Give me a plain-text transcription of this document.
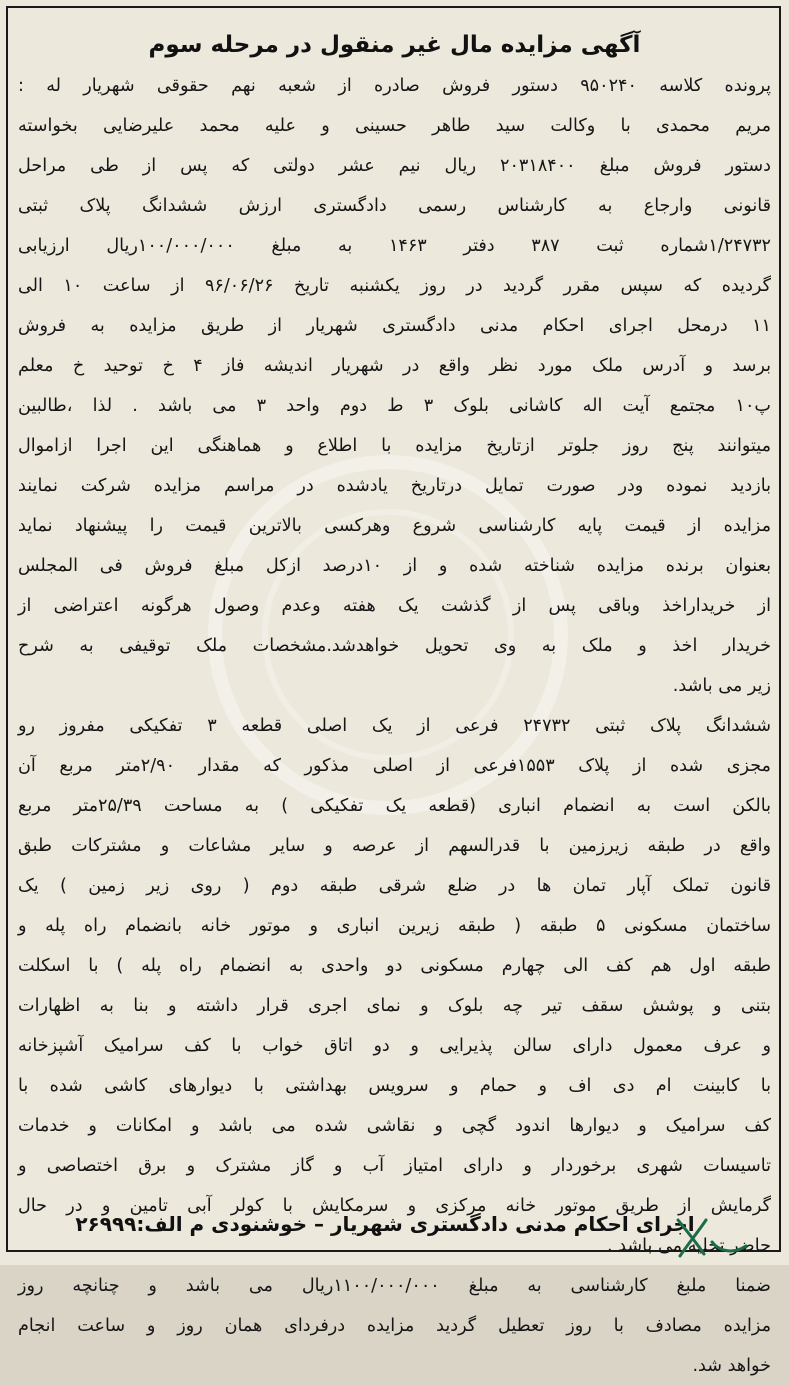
آگهی مزایده مال غیر منقول در مرحله سوم
پرونده کلاسه ۹۵۰۲۴۰ دستور فروش صادره از شعبه نهم حقوقی شهریار له :
مریم محمدی با وکالت سید طاهر حسینی و علیه محمد علیرضایی بخواسته
دستور فروش مبلغ ۲۰۳۱۸۴۰۰ ریال نیم عشر دولتی که پس از طی مراحل
قانونی وارجاع به کارشناس رسمی دادگستری ارزش ششدانگ پلاک ثبتی
۱/۲۴۷۳۲شماره ثبت ۳۸۷ دفتر ۱۴۶۳ به مبلغ ۱۰۰/۰۰۰/۰۰۰ریال ارزیابی
گردیده که سپس مقرر گردید در روز یکشنبه تاریخ ۹۶/۰۶/۲۶ از ساعت ۱۰ الی
۱۱ درمحل اجرای احکام مدنی دادگستری شهریار از طریق مزایده به فروش
برسد و آدرس ملک مورد نظر واقع در شهریار اندیشه فاز ۴ خ توحید خ معلم
پ۱۰ مجتمع آیت اله کاشانی بلوک ۳ ط دوم واحد ۳ می باشد . لذا ،طالبین
میتوانند پنج روز جلوتر ازتاریخ مزایده با اطلاع و هماهنگی این اجرا ازاموال
بازدید نموده ودر صورت تمایل درتاریخ یادشده در مراسم مزایده شرکت نمایند
مزایده از قیمت پایه کارشناسی شروع وهرکسی بالاترین قیمت را پیشنهاد نماید
بعنوان برنده مزایده شناخته شده و از ۱۰درصد ازکل مبلغ فروش فی المجلس
از خریداراخذ وباقی پس از گذشت یک هفته وعدم وصول هرگونه اعتراضی از
خریدار اخذ و ملک به وی تحویل خواهدشد.مشخصات ملک توقیفی به شرح
زیر می باشد.
ششدانگ پلاک ثبتی ۲۴۷۳۲ فرعی از یک اصلی قطعه ۳ تفکیکی مفروز رو
مجزی شده از پلاک ۱۵۵۳فرعی از اصلی مذکور که مقدار ۲/۹۰متر مربع آن
بالکن است به انضمام انباری (قطعه یک تفکیکی ) به مساحت ۲۵/۳۹متر مربع
واقع در طبقه زیرزمین با قدرالسهم از عرصه و سایر مشاعات و مشترکات طبق
قانون تملک آپار تمان ها در ضلع شرقی طبقه دوم ( روی زیر زمین ) یک
ساختمان مسکونی ۵ طبقه ( طبقه زیرین انباری و موتور خانه بانضمام راه پله و
طبقه اول هم کف الی چهارم مسکونی دو واحدی به انضمام راه پله ) با اسکلت
بتنی و پوشش سقف تیر چه بلوک و نمای اجری قرار داشته و بنا به اظهارات
و عرف معمول دارای سالن پذیرایی و دو اتاق خواب با کف سرامیک آشپزخانه
با کابینت ام دی اف و حمام و سرویس بهداشتی با دیوارهای کاشی شده با
کف سرامیک و دیوارها اندود گچی و نقاشی شده می باشد و امکانات و خدمات
تاسیسات شهری برخوردار و دارای امتیاز آب و گاز مشترک و برق اختصاصی و
گرمایش از طریق موتور خانه مرکزی و سرمکایش با کولر آبی تامین و در حال
حاضر تخلیه می باشد .
ضمنا ملبغ کارشناسی به مبلغ ۱۱۰۰/۰۰۰/۰۰۰ریال می باشد و چنانچه روز
مزایده مصادف با روز تعطیل گردید مزایده درفردای همان روز و ساعت انجام
خواهد شد.
اجرای احکام مدنی دادگستری شهریار – خوشنودی م الف:۲۶۹۹۹
